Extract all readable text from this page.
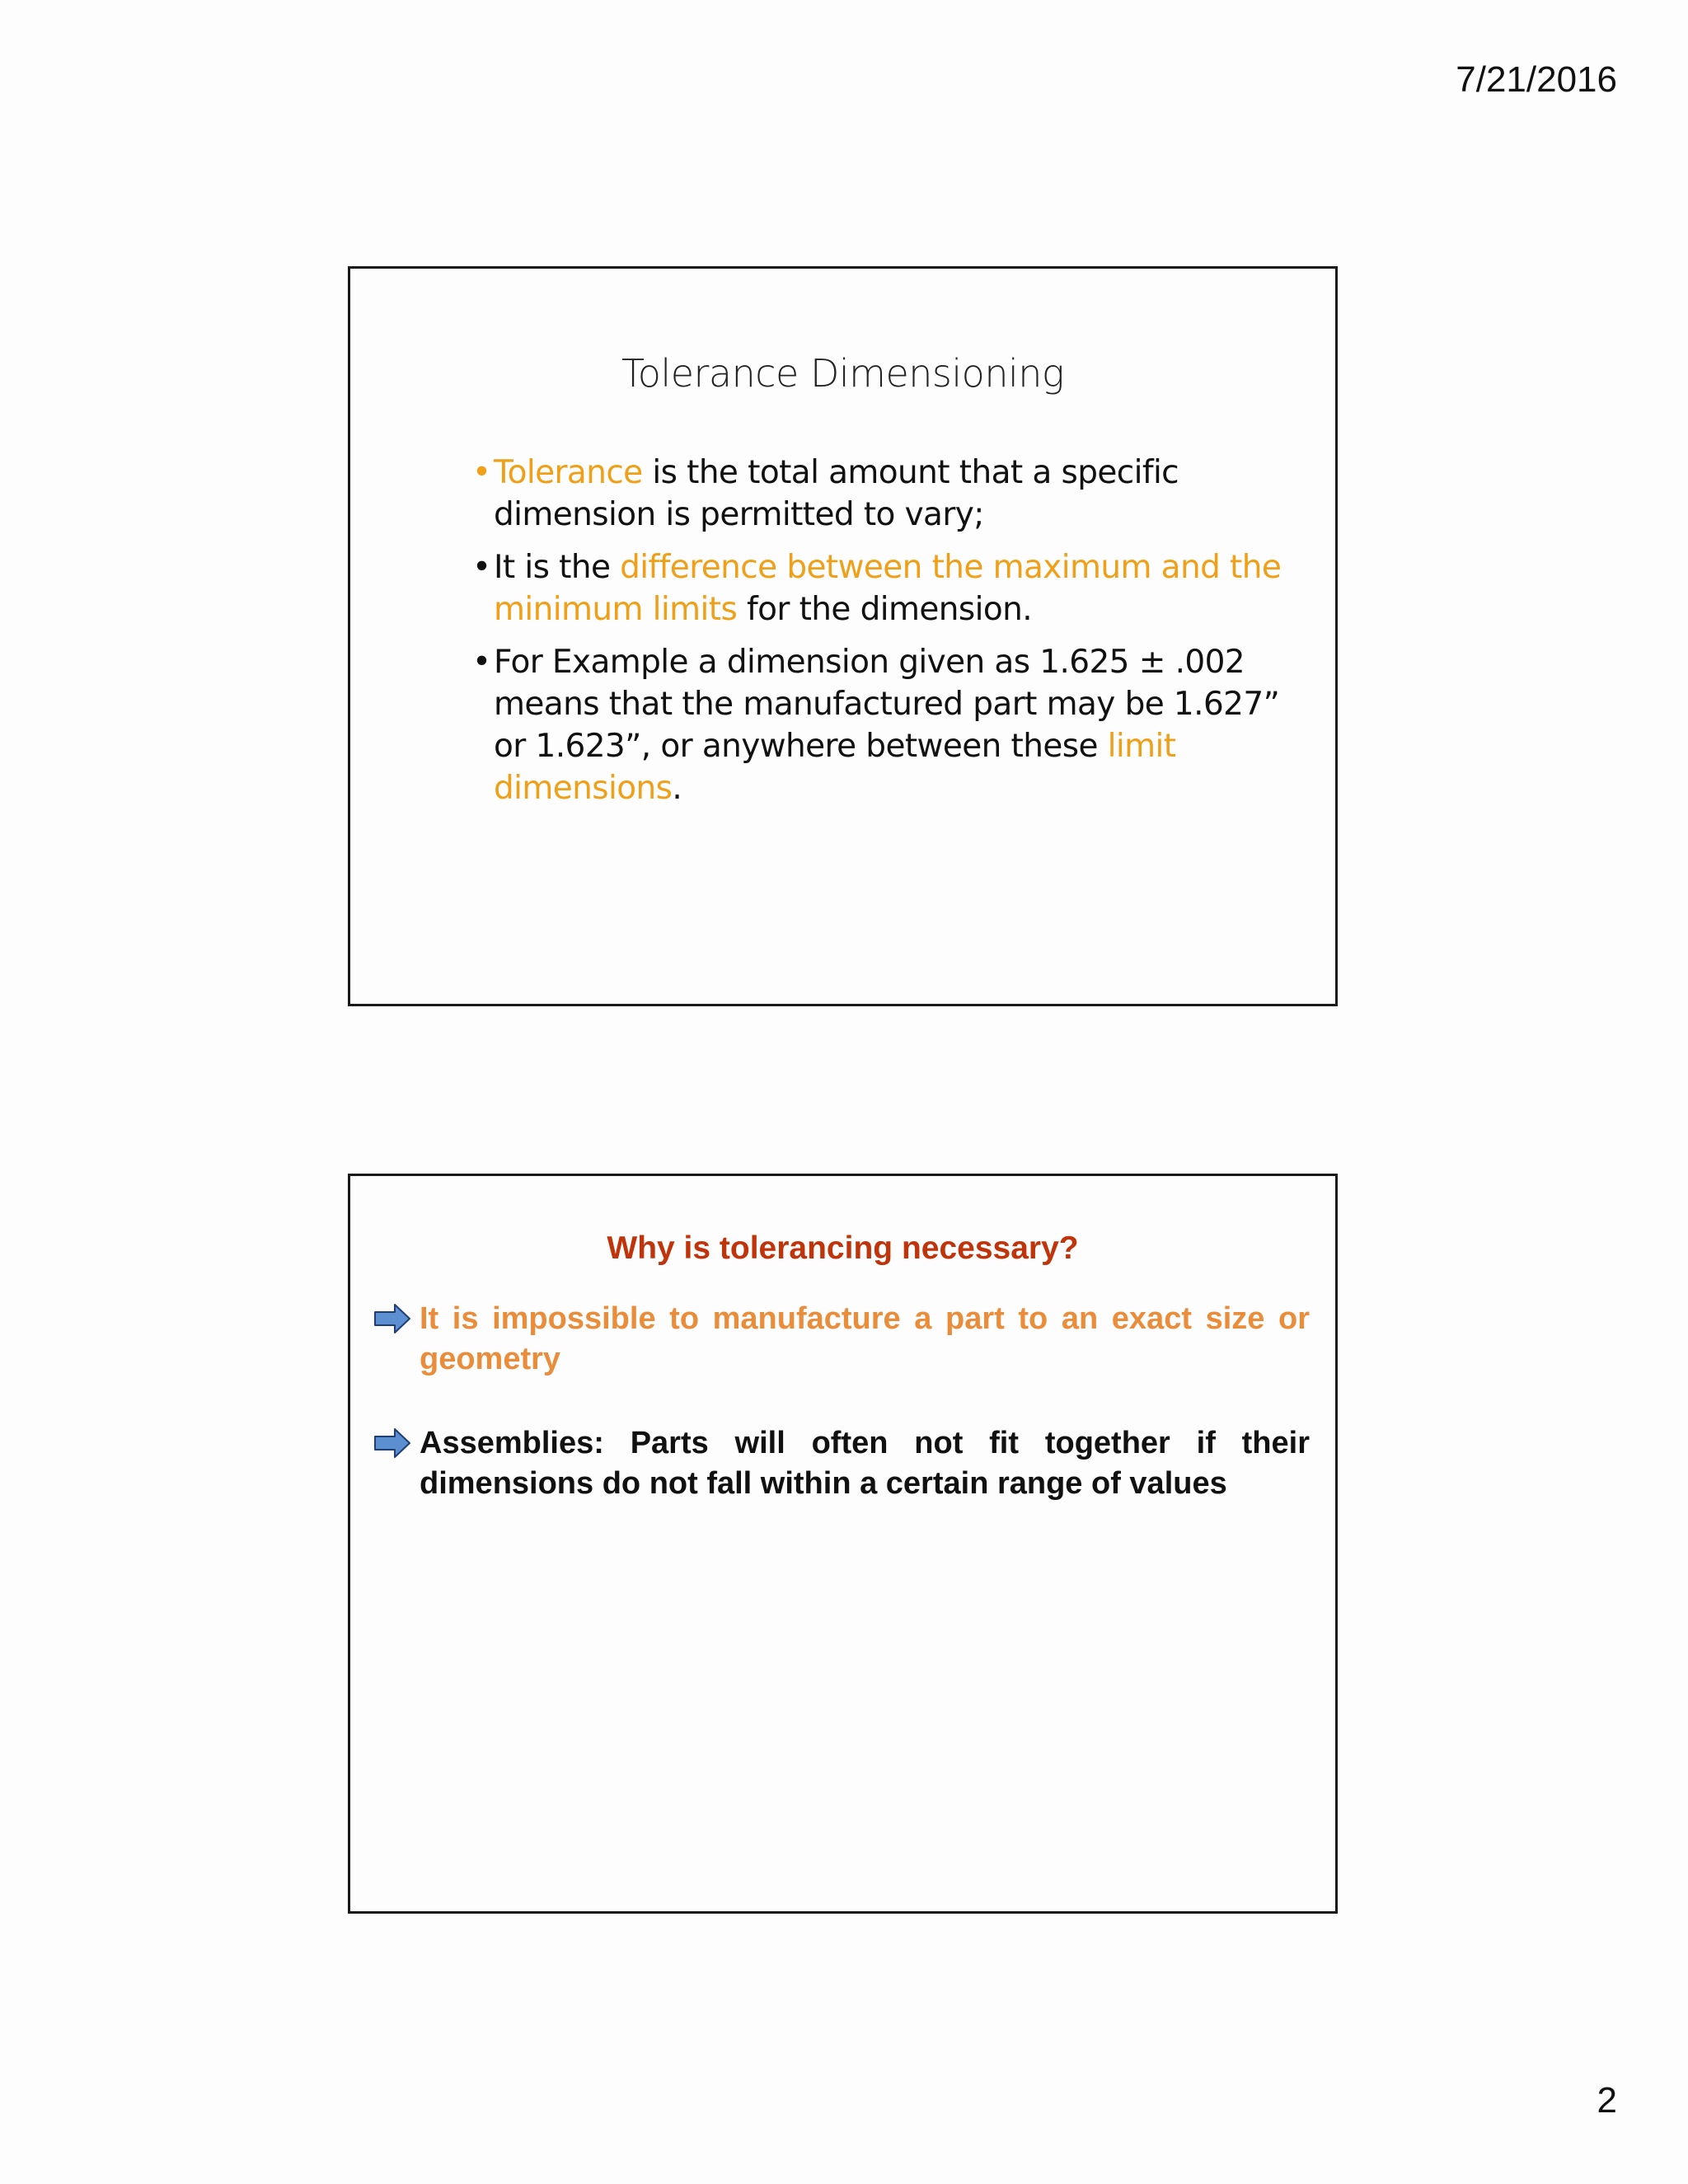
7/21/2016
Tolerance Dimensioning
• Tolerance is the total amount that a specific dimension is permitted to vary;
• It is the difference between the maximum and the minimum limits for the dimension.
• For Example a dimension given as 1.625 ± .002 means that the manufactured part may be 1.627” or 1.623”, or anywhere between these limit dimensions.
Why is tolerancing necessary?
It is impossible to manufacture a part to an exact size or geometry
Assemblies: Parts will often not fit together if their dimensions do not fall within a certain range of values
2
